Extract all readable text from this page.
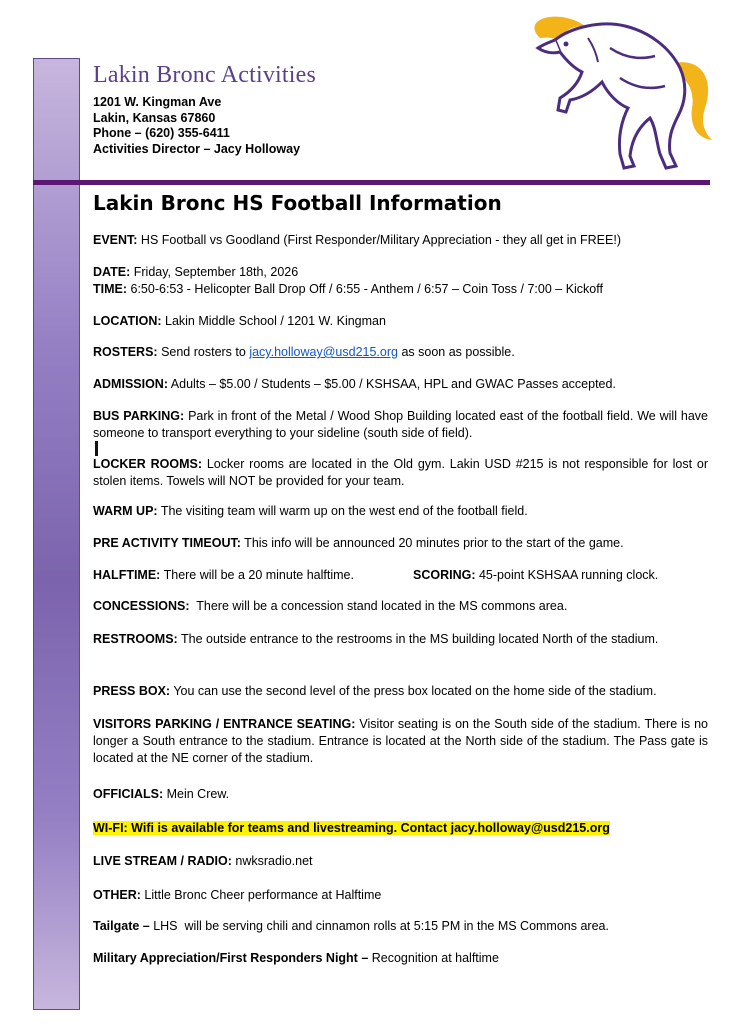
Lakin Bronc Activities
1201 W. Kingman Ave
Lakin, Kansas 67860
Phone – (620) 355-6411
Activities Director – Jacy Holloway
Lakin Bronc HS Football Information
EVENT: HS Football vs Goodland (First Responder/Military Appreciation - they all get in FREE!)
DATE: Friday, September 18th, 2026
TIME: 6:50-6:53 - Helicopter Ball Drop Off / 6:55 - Anthem / 6:57 – Coin Toss / 7:00 – Kickoff
LOCATION: Lakin Middle School / 1201 W. Kingman
ROSTERS: Send rosters to jacy.holloway@usd215.org as soon as possible.
ADMISSION: Adults – $5.00 / Students – $5.00 / KSHSAA, HPL and GWAC Passes accepted.
BUS PARKING: Park in front of the Metal / Wood Shop Building located east of the football field. We will have someone to transport everything to your sideline (south side of field).
LOCKER ROOMS: Locker rooms are located in the Old gym. Lakin USD #215 is not responsible for lost or stolen items. Towels will NOT be provided for your team.
WARM UP: The visiting team will warm up on the west end of the football field.
PRE ACTIVITY TIMEOUT: This info will be announced 20 minutes prior to the start of the game.
HALFTIME: There will be a 20 minute halftime.	SCORING: 45-point KSHSAA running clock.
CONCESSIONS:  There will be a concession stand located in the MS commons area.
RESTROOMS: The outside entrance to the restrooms in the MS building located North of the stadium.
PRESS BOX: You can use the second level of the press box located on the home side of the stadium.
VISITORS PARKING / ENTRANCE SEATING: Visitor seating is on the South side of the stadium. There is no longer a South entrance to the stadium. Entrance is located at the North side of the stadium. The Pass gate is located at the NE corner of the stadium.
OFFICIALS: Mein Crew.
WI-FI: Wifi is available for teams and livestreaming. Contact jacy.holloway@usd215.org
LIVE STREAM / RADIO: nwksradio.net
OTHER: Little Bronc Cheer performance at Halftime
Tailgate – LHS  will be serving chili and cinnamon rolls at 5:15 PM in the MS Commons area.
Military Appreciation/First Responders Night – Recognition at halftime
